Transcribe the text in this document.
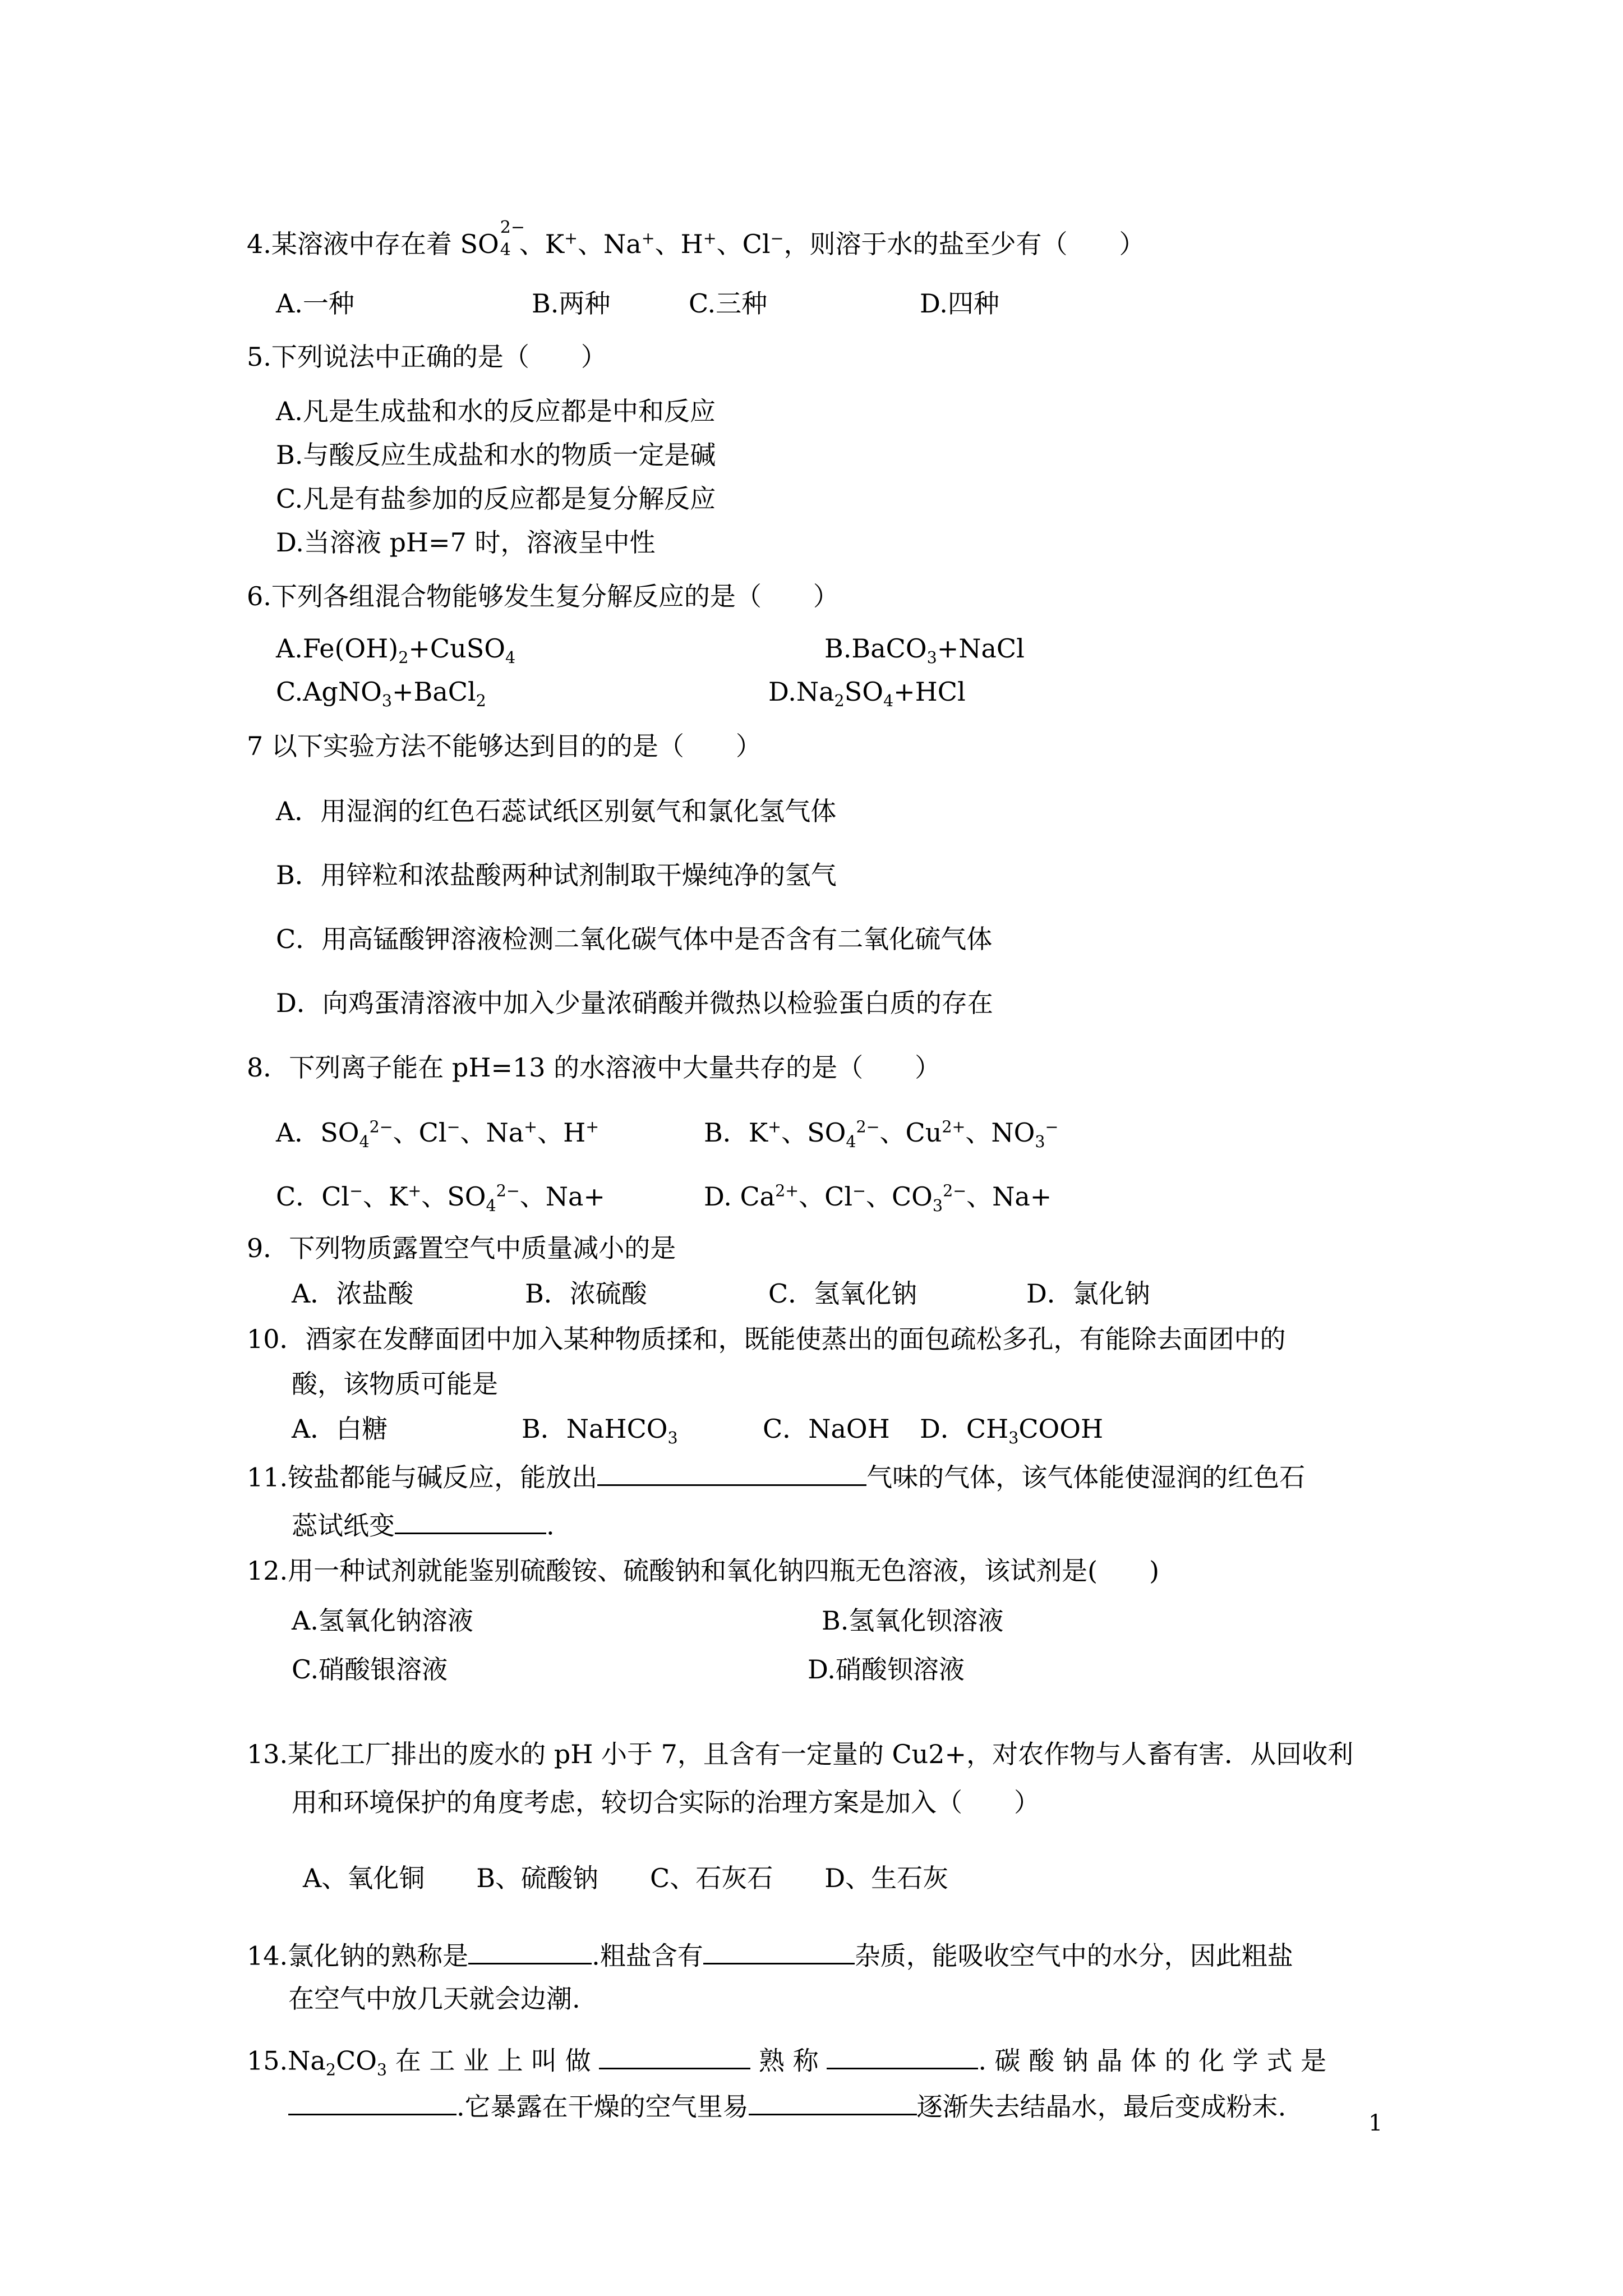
4.某溶液中存在着 SO
2−
4 、K+、Na+、H+、Cl−，则溶于水的盐至少有（　　）
A.一种	B.两种	C.三种	D.四种
5.下列说法中正确的是（　　）
A.凡是生成盐和水的反应都是中和反应
B.与酸反应生成盐和水的物质一定是碱
C.凡是有盐参加的反应都是复分解反应
D.当溶液 pH=7 时，溶液呈中性
6.下列各组混合物能够发生复分解反应的是（　　）
$A.Fe(OH)_2+CuSO_4$	B.BaCO$_3$+NaCl
C.AgNO$_3$+BaCl$_2$	$D.Na_2SO_4+HCl$
7 以下实验方法不能够达到目的的是（　　）
A．用湿润的红色石蕊试纸区别氨气和氯化氢气体
B．用锌粒和浓盐酸两种试剂制取干燥纯净的氢气
C．用高锰酸钾溶液检测二氧化碳气体中是否含有二氧化硫气体
D．向鸡蛋清溶液中加入少量浓硝酸并微热以检验蛋白质的存在
8．下列离子能在 pH=13 的水溶液中大量共存的是（　　）
A．$SO_4^{2-}$、Cl−、Na+、H+	B．K+、$SO_4^{2-}$、$Cu^{2+}$、$NO_3^-$
C．Cl−、K+、$SO_4^{2-}$、Na+	D. $Ca^{2+}$、Cl−、$CO_3^{2-}$、Na+
9．下列物质露置空气中质量减小的是
A．浓盐酸	B．浓硫酸	C．氢氧化钠	D．氯化钠
10．酒家在发酵面团中加入某种物质揉和，既能使蒸出的面包疏松多孔，有能除去面团中的
酸，该物质可能是
A．白糖	B．NaHCO$_3$	C．NaOH D．$CH_3COOH$
11.铵盐都能与碱反应，能放出	气味的气体，该气体能使湿润的红色石
蕊试纸变	.
12.用一种试剂就能鉴别硫酸铵、硫酸钠和氧化钠四瓶无色溶液，该试剂是(　　)
A.氢氧化钠溶液	B.氢氧化钡溶液
C.硝酸银溶液	D.硝酸钡溶液
13.某化工厂排出的废水的 pH 小于 7，且含有一定量的 Cu2+，对农作物与人畜有害．从回收利
用和环境保护的角度考虑，较切合实际的治理方案是加入（　　）
A、氧化铜　　B、硫酸钠　　C、石灰石　　D、生石灰
14.氯化钠的熟称是	.粗盐含有	杂质，能吸收空气中的水分，因此粗盐
在空气中放几天就会边潮.
$15.Na_2CO_3$ 在 工 业 上 叫 做	熟 称	. 碳 酸 钠 晶 体 的 化 学 式 是
.它暴露在干燥的空气里易	逐渐失去结晶水，最后变成粉末.
1
